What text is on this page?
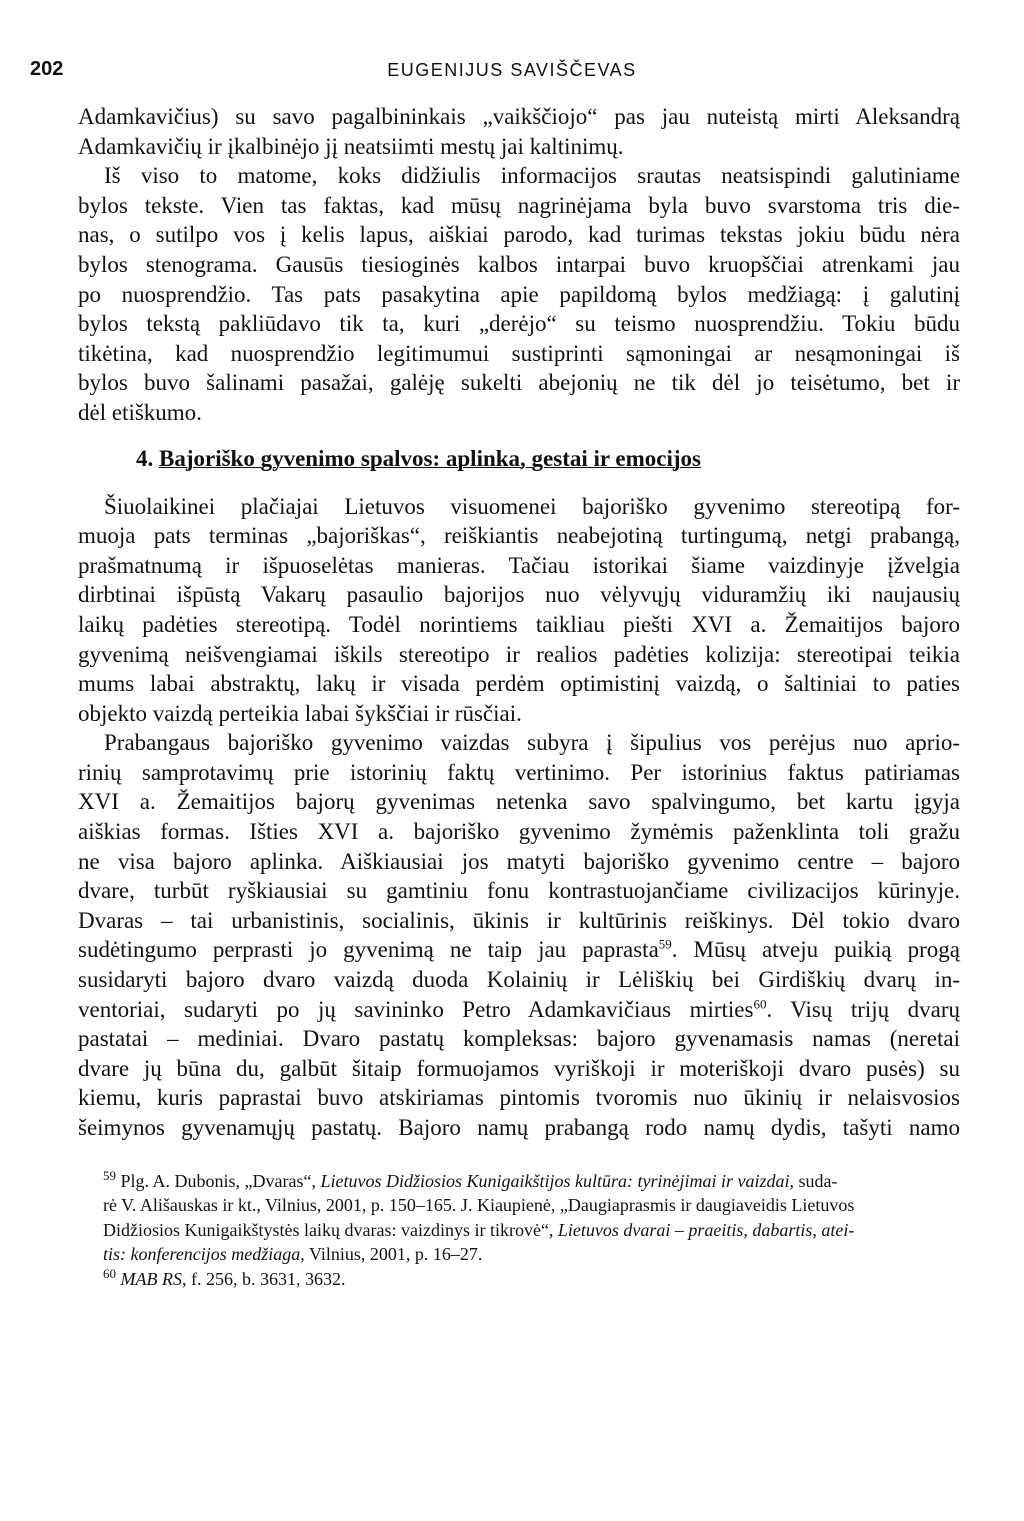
202	EUGENIJUS SAVIŠČEVAS
Adamkavičius) su savo pagalbininkais „vaikščiojo“ pas jau nuteistą mirti Aleksandrą
Adamkavičių ir įkalbinėjo jį neatsiimti mestų jai kaltinimų.
Iš viso to matome, koks didžiulis informacijos srautas neatsispindi galutiniame
bylos tekste. Vien tas faktas, kad mūsų nagrinėjama byla buvo svarstoma tris die-
nas, o sutilpo vos į kelis lapus, aiškiai parodo, kad turimas tekstas jokiu būdu nėra
bylos stenograma. Gausūs tiesioginės kalbos intarpai buvo kruopščiai atrenkami jau
po nuosprendžio. Tas pats pasakytina apie papildomą bylos medžiagą: į galutinį
bylos tekstą pakliūdavo tik ta, kuri „derėjo“ su teismo nuosprendžiu. Tokiu būdu
tikėtina, kad nuosprendžio legitimumui sustiprinti sąmoningai ar nesąmoningai iš
bylos buvo šalinami pasažai, galėję sukelti abejonių ne tik dėl jo teisėtumo, bet ir
dėl etiškumo.
4. Bajoriško gyvenimo spalvos: aplinka, gestai ir emocijos
Šiuolaikinei plačiajai Lietuvos visuomenei bajoriško gyvenimo stereotipą for-
muoja pats terminas „bajoriškas“, reiškiantis neabejotiną turtingumą, netgi prabangą,
prašmatnumą ir išpuoselėtas manieras. Tačiau istorikai šiame vaizdinyje įžvelgia
dirbtinai išpūstą Vakarų pasaulio bajorijos nuo vėlyvųjų viduramžių iki naujausių
laikų padėties stereotipą. Todėl norintiems taikliau piešti XVI a. Žemaitijos bajoro
gyvenimą neišvengiamai iškils stereotipo ir realios padėties kolizija: stereotipai teikia
mums labai abstraktų, lakų ir visada perdėm optimistinį vaizdą, o šaltiniai to paties
objekto vaizdą perteikia labai šykščiai ir rūsčiai.
Prabangaus bajoriško gyvenimo vaizdas subyra į šipulius vos perėjus nuo aprio-
rinių samprotavimų prie istorinių faktų vertinimo. Per istorinius faktus patiriamas
XVI a. Žemaitijos bajorų gyvenimas netenka savo spalvingumo, bet kartu įgyja
aiškias formas. Išties XVI a. bajoriško gyvenimo žymėmis paženklinta toli gražu
ne visa bajoro aplinka. Aiškiausiai jos matyti bajoriško gyvenimo centre – bajoro
dvare, turbūt ryškiausiai su gamtiniu fonu kontrastuojančiame civilizacijos kūrinyje.
Dvaras – tai urbanistinis, socialinis, ūkinis ir kultūrinis reiškinys. Dėl tokio dvaro
sudėtingumo perprasti jo gyvenimą ne taip jau paprasta$^{59}$. Mūsų atveju puikią progą
susidaryti bajoro dvaro vaizdą duoda Kolainių ir Lėliškių bei Girdiškių dvarų in-
ventoriai, sudaryti po jų savininko Petro Adamkavičiaus mirties$^{60}$. Visų trijų dvarų
pastatai – mediniai. Dvaro pastatų kompleksas: bajoro gyvenamasis namas (neretai
dvare jų būna du, galbūt šitaip formuojamos vyriškoji ir moteriškoji dvaro pusės) su
kiemu, kuris paprastai buvo atskiriamas pintomis tvoromis nuo ūkinių ir nelaisvosios
šeimynos gyvenamųjų pastatų. Bajoro namų prabangą rodo namų dydis, tašyti namo
$^{59}$ Plg. A. Dubonis, „Dvaras“, Lietuvos Didžiosios Kunigaikštijos kultūra: tyrinėjimai ir vaizdai, suda-
rė V. Ališauskas ir kt., Vilnius, 2001, p. 150–165. J. Kiaupienė, „Daugiaprasmis ir daugiaveidis Lietuvos
Didžiosios Kunigaikštystės laikų dvaras: vaizdinys ir tikrovė“, Lietuvos dvarai – praeitis, dabartis, atei-
tis: konferencijos medžiaga, Vilnius, 2001, p. 16–27.
$^{60}$ MAB RS, f. 256, b. 3631, 3632.
